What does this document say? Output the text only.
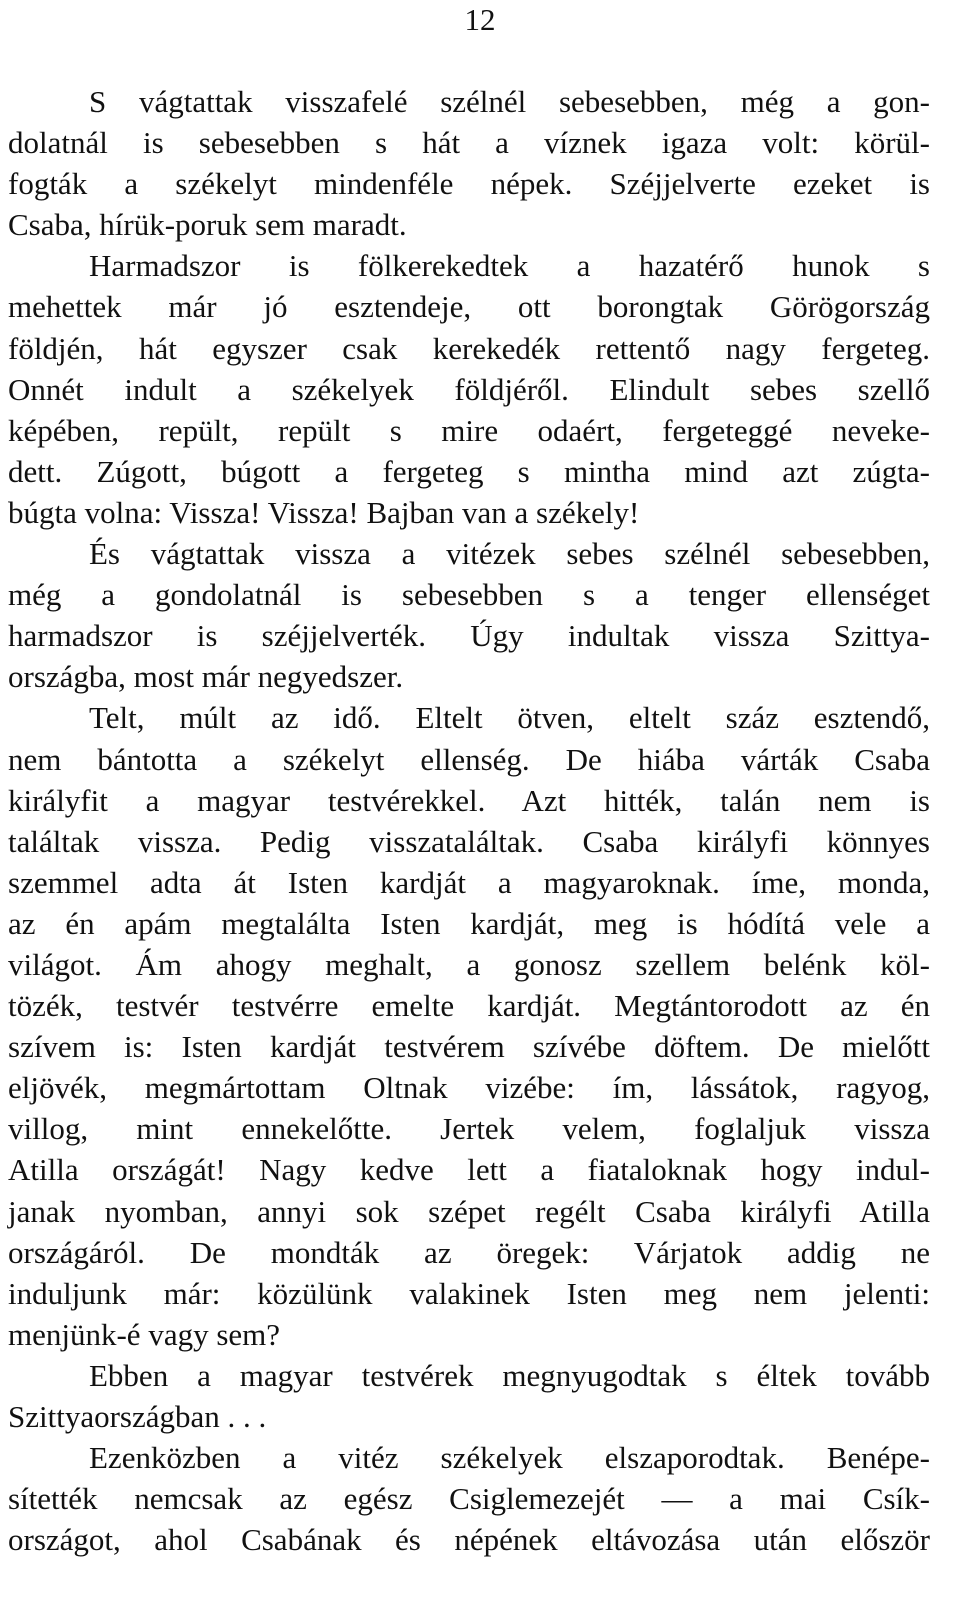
12

S vágtattak visszafelé szélnél sebesebben, még a gon-
dolatnál is sebesebben s hát a víznek igaza volt: körül-
fogták a székelyt mindenféle népek. Széjjelverte ezeket is
Csaba, hírük-poruk sem maradt.

Harmadszor is fölkerekedtek a hazatérő hunok s
mehettek már jó esztendeje, ott borongtak Görögország
földjén, hát egyszer csak kerekedék rettentő nagy fergeteg.
Onnét indult a székelyek földjéről. Elindult sebes szellő
képében, repült, repült s mire odaért, fergeteggé neveke-
dett. Zúgott, búgott a fergeteg s mintha mind azt zúgta-
búgta volna: Vissza! Vissza! Bajban van a székely!

És vágtattak vissza a vitézek sebes szélnél sebesebben,
még a gondolatnál is sebesebben s a tenger ellenséget
harmadszor is széjjelverték. Úgy indultak vissza Szittya-
országba, most már negyedszer.

Telt, múlt az idő. Eltelt ötven, eltelt száz esztendő,
nem bántotta a székelyt ellenség. De hiába várták Csaba
királyfit a magyar testvérekkel. Azt hitték, talán nem is
találtak vissza. Pedig visszataláltak. Csaba királyfi könnyes
szemmel adta át Isten kardját a magyaroknak. íme, monda,
az én apám megtalálta Isten kardját, meg is hódítá vele a
világot. Ám ahogy meghalt, a gonosz szellem belénk köl-
tözék, testvér testvérre emelte kardját. Megtántorodott az én
szívem is: Isten kardját testvérem szívébe döftem. De mielőtt
eljövék, megmártottam Oltnak vizébe: ím, lássátok, ragyog,
villog, mint ennekelőtte. Jertek velem, foglaljuk vissza
Atilla országát! Nagy kedve lett a fiataloknak hogy indul-
janak nyomban, annyi sok szépet regélt Csaba királyfi Atilla
országáról. De mondták az öregek: Várjatok addig ne
induljunk már: közülünk valakinek Isten meg nem jelenti:
menjünk-é vagy sem?

Ebben a magyar testvérek megnyugodtak s éltek tovább
Szittyaországban . . .

Ezenközben a vitéz székelyek elszaporodtak. Benépe-
sítették nemcsak az egész Csiglemezejét — a mai Csík-
országot, ahol Csabának és népének eltávozása után először
